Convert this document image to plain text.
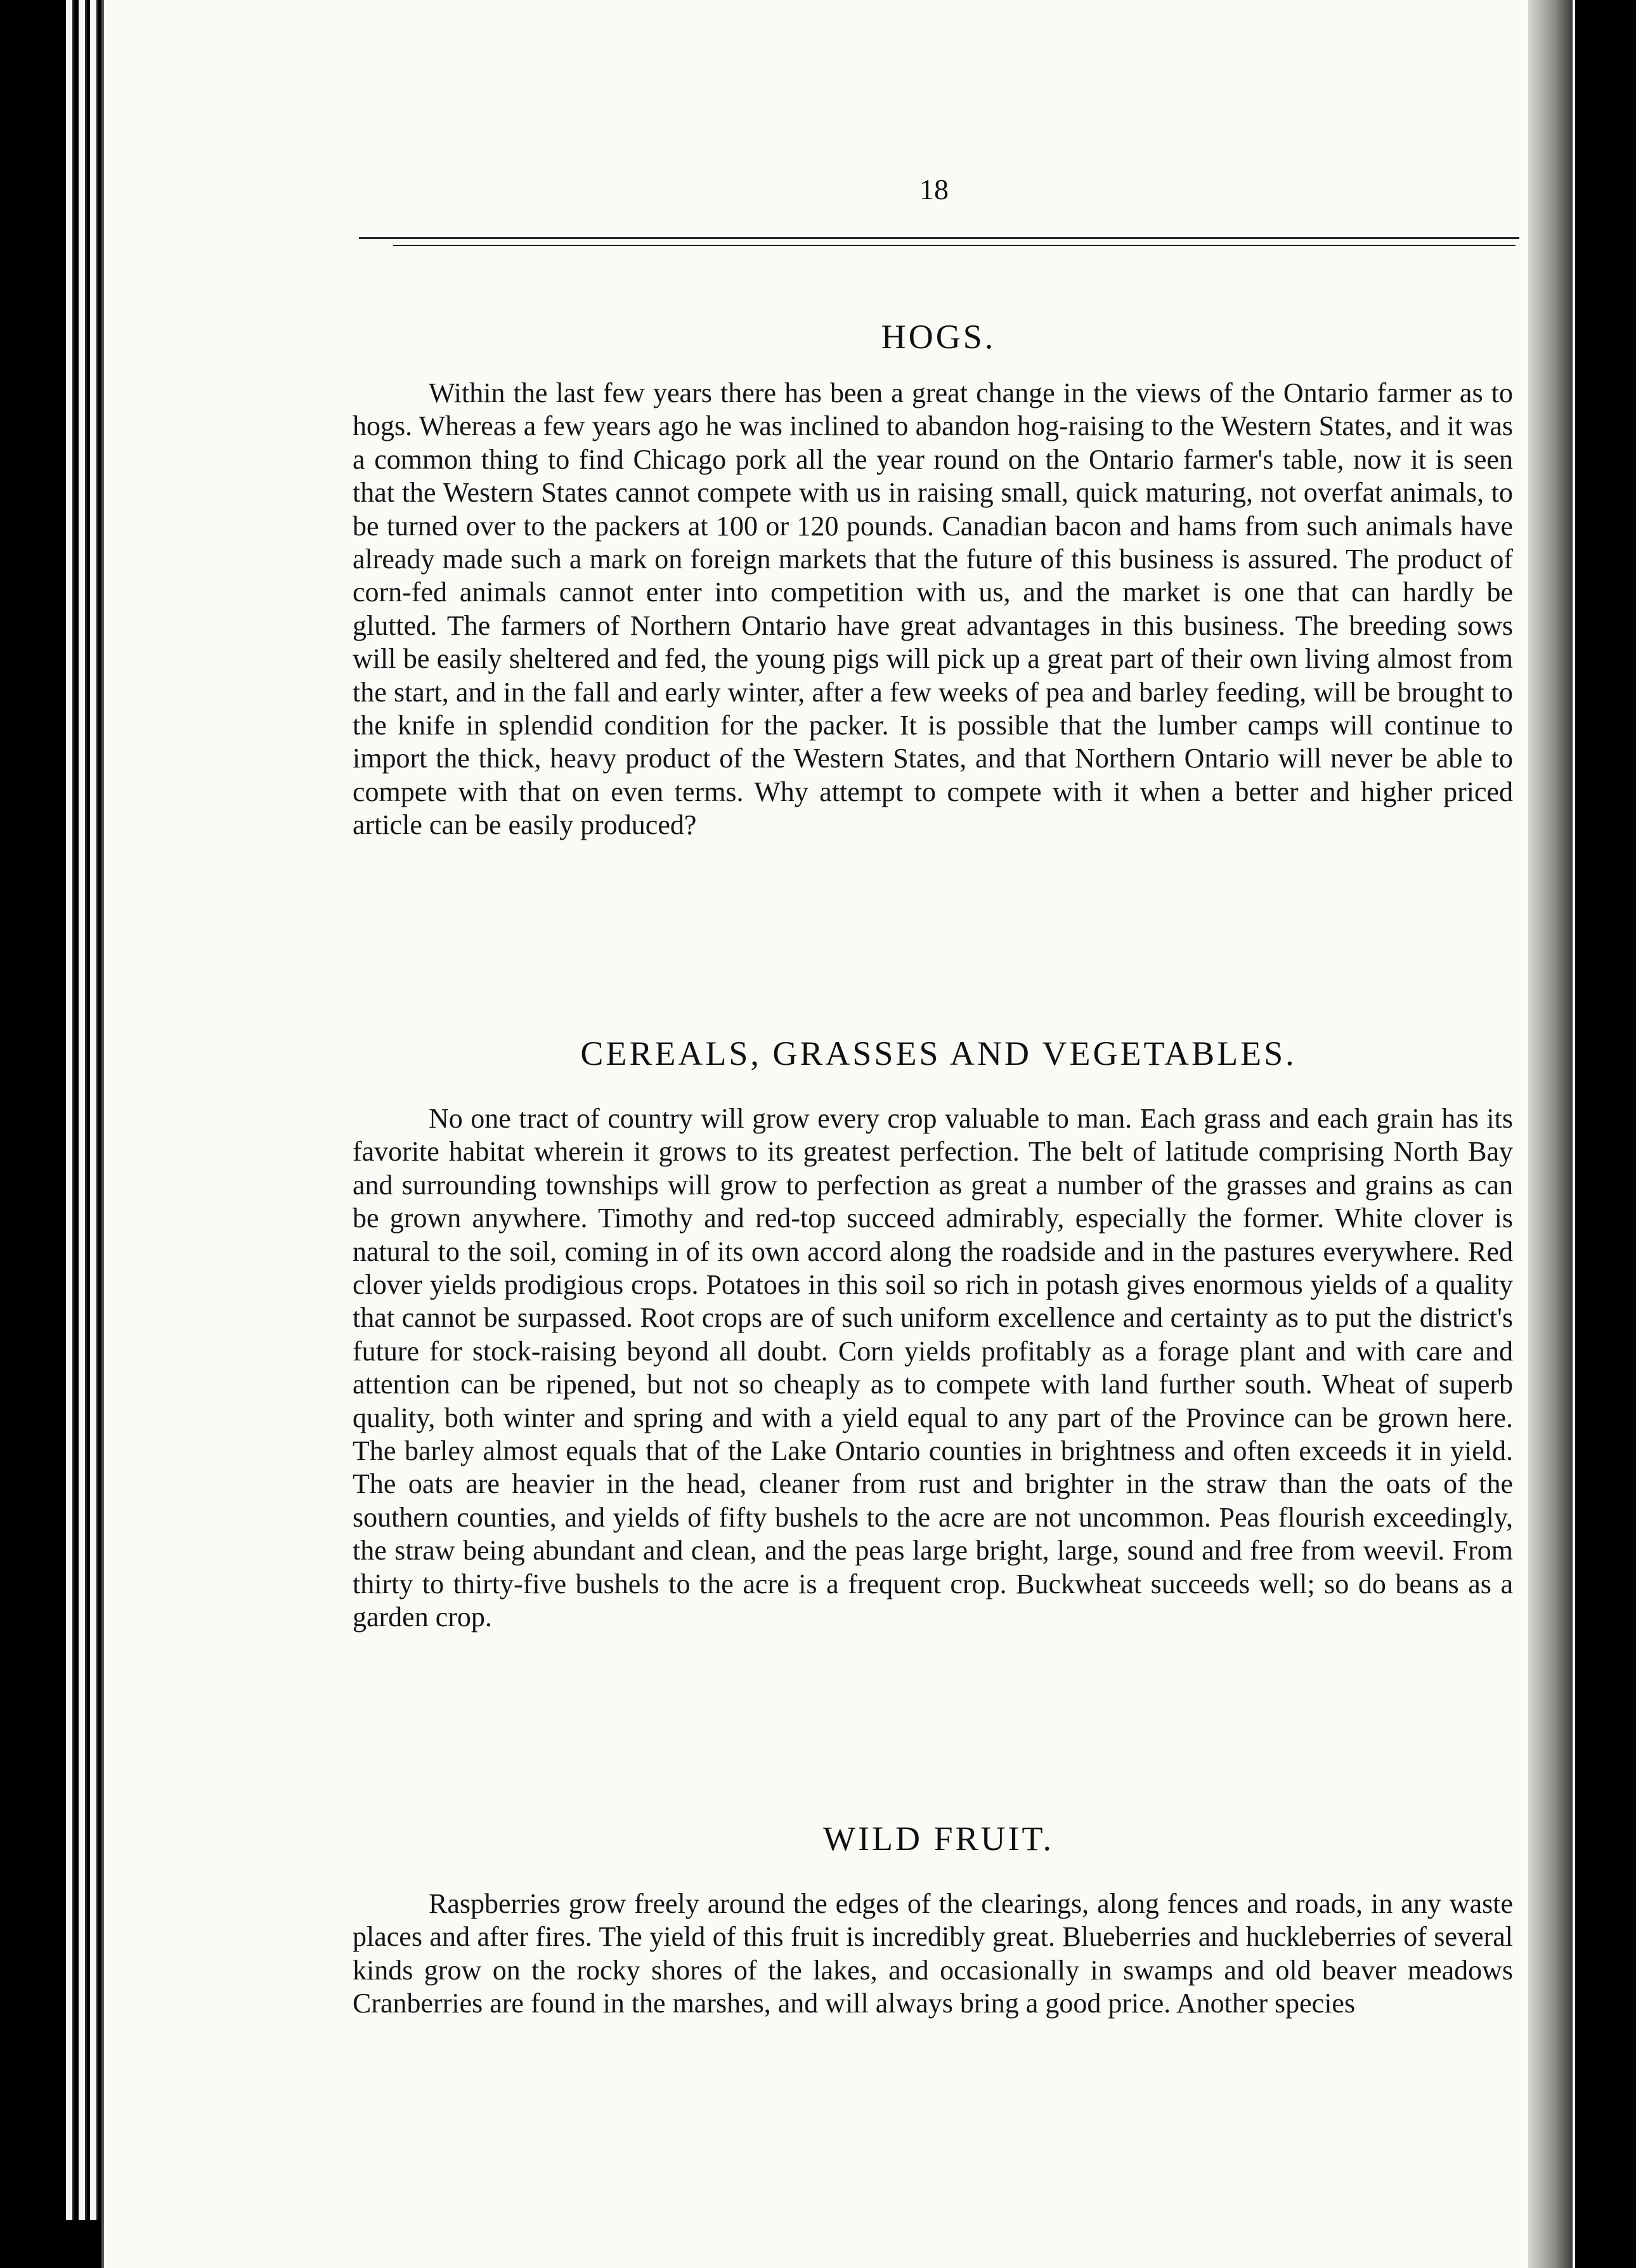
18
HOGS.

Within the last few years there has been a great change in the views of the Ontario farmer as to hogs. Whereas a few years ago he was inclined to abandon hog-raising to the Western States, and it was a common thing to find Chicago pork all the year round on the Ontario farmer's table, now it is seen that the Western States cannot compete with us in raising small, quick maturing, not overfat animals, to be turned over to the packers at 100 or 120 pounds. Canadian bacon and hams from such animals have already made such a mark on foreign markets that the future of this business is assured. The product of corn-fed animals cannot enter into competition with us, and the market is one that can hardly be glutted. The farmers of Northern Ontario have great advantages in this business. The breeding sows will be easily sheltered and fed, the young pigs will pick up a great part of their own living almost from the start, and in the fall and early winter, after a few weeks of pea and barley feeding, will be brought to the knife in splendid condition for the packer. It is possible that the lumber camps will continue to import the thick, heavy product of the Western States, and that Northern Ontario will never be able to compete with that on even terms. Why attempt to compete with it when a better and higher priced article can be easily produced?

CEREALS, GRASSES AND VEGETABLES.

No one tract of country will grow every crop valuable to man. Each grass and each grain has its favorite habitat wherein it grows to its greatest perfection. The belt of latitude comprising North Bay and surrounding townships will grow to perfection as great a number of the grasses and grains as can be grown anywhere. Timothy and red-top succeed admirably, especially the former. White clover is natural to the soil, coming in of its own accord along the roadside and in the pastures everywhere. Red clover yields prodigious crops. Potatoes in this soil so rich in potash gives enormous yields of a quality that cannot be surpassed. Root crops are of such uniform excellence and certainty as to put the district's future for stock-raising beyond all doubt. Corn yields profitably as a forage plant and with care and attention can be ripened, but not so cheaply as to compete with land further south. Wheat of superb quality, both winter and spring and with a yield equal to any part of the Province can be grown here. The barley almost equals that of the Lake Ontario counties in brightness and often exceeds it in yield. The oats are heavier in the head, cleaner from rust and brighter in the straw than the oats of the southern counties, and yields of fifty bushels to the acre are not uncommon. Peas flourish exceedingly, the straw being abundant and clean, and the peas large bright, large, sound and free from weevil. From thirty to thirty-five bushels to the acre is a frequent crop. Buckwheat succeeds well; so do beans as a garden crop.

WILD FRUIT.

Raspberries grow freely around the edges of the clearings, along fences and roads, in any waste places and after fires. The yield of this fruit is incredibly great. Blueberries and huckleberries of several kinds grow on the rocky shores of the lakes, and occasionally in swamps and old beaver meadows Cranberries are found in the marshes, and will always bring a good price. Another species
